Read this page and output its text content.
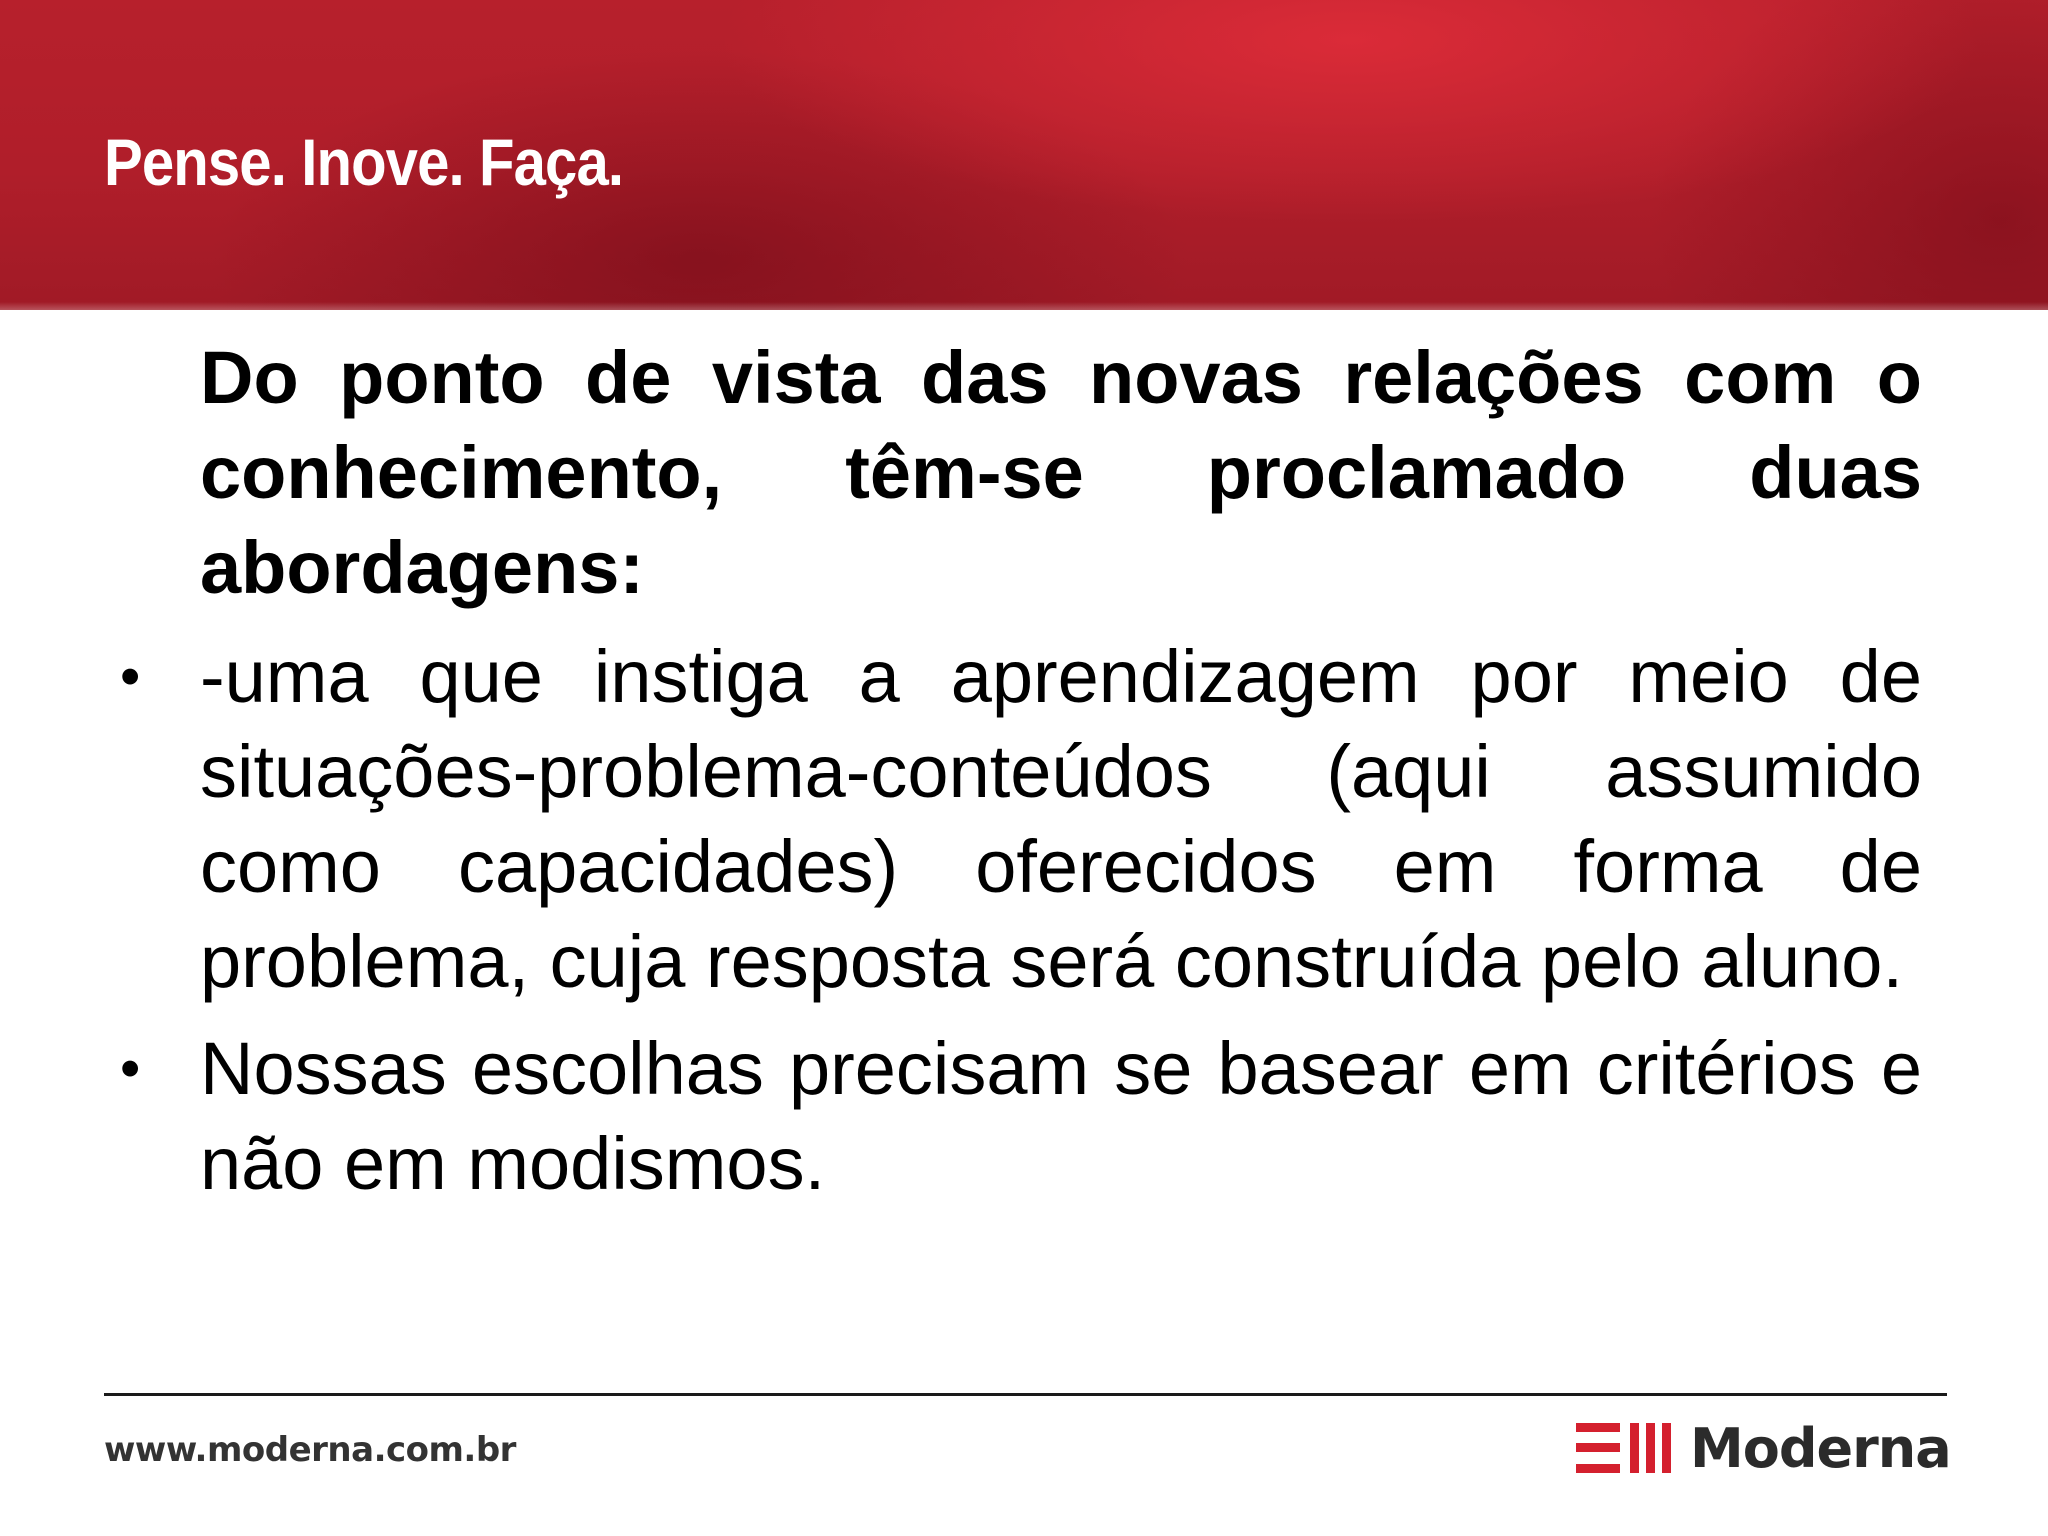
Pense. Inove. Faça.

Do ponto de vista das novas relações com o conhecimento, têm-se proclamado duas abordagens:

• -uma que instiga a aprendizagem por meio de situações-problema-conteúdos (aqui assumido como capacidades) oferecidos em forma de problema, cuja resposta será construída pelo aluno.
• Nossas escolhas precisam se basear em critérios e não em modismos.
www.moderna.com.br	Moderna
